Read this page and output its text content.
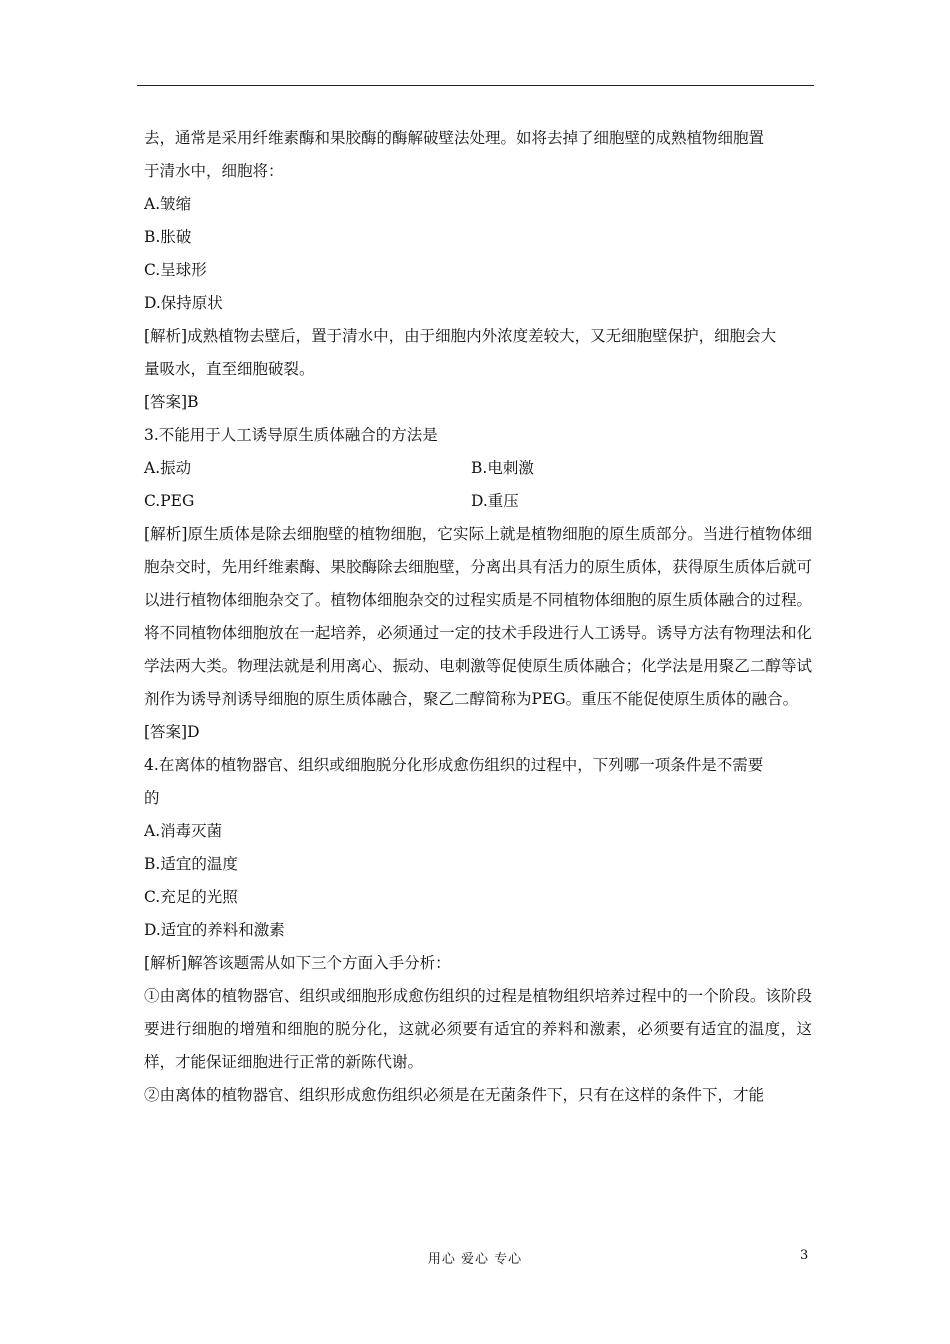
去，通常是采用纤维素酶和果胶酶的酶解破壁法处理。如将去掉了细胞壁的成熟植物细胞置
于清水中，细胞将：
A.皱缩
B.胀破
C.呈球形
D.保持原状
[解析]成熟植物去壁后，置于清水中，由于细胞内外浓度差较大，又无细胞壁保护，细胞会大
量吸水，直至细胞破裂。
[答案]B
3.不能用于人工诱导原生质体融合的方法是
A.振动	B.电刺激
C.PEG	D.重压
[解析]原生质体是除去细胞壁的植物细胞，它实际上就是植物细胞的原生质部分。当进行植物体细胞杂交时，先用纤维素酶、果胶酶除去细胞壁，分离出具有活力的原生质体，获得原生质体后就可以进行植物体细胞杂交了。植物体细胞杂交的过程实质是不同植物体细胞的原生质体融合的过程。将不同植物体细胞放在一起培养，必须通过一定的技术手段进行人工诱导。诱导方法有物理法和化学法两大类。物理法就是利用离心、振动、电刺激等促使原生质体融合；化学法是用聚乙二醇等试剂作为诱导剂诱导细胞的原生质体融合，聚乙二醇简称为PEG。重压不能促使原生质体的融合。
[答案]D
4.在离体的植物器官、组织或细胞脱分化形成愈伤组织的过程中，下列哪一项条件是不需要
的
A.消毒灭菌
B.适宜的温度
C.充足的光照
D.适宜的养料和激素
[解析]解答该题需从如下三个方面入手分析：
①由离体的植物器官、组织或细胞形成愈伤组织的过程是植物组织培养过程中的一个阶段。该阶段要进行细胞的增殖和细胞的脱分化，这就必须要有适宜的养料和激素，必须要有适宜的温度，这样，才能保证细胞进行正常的新陈代谢。
②由离体的植物器官、组织形成愈伤组织必须是在无菌条件下，只有在这样的条件下，才能
用心 爱心 专心	3
